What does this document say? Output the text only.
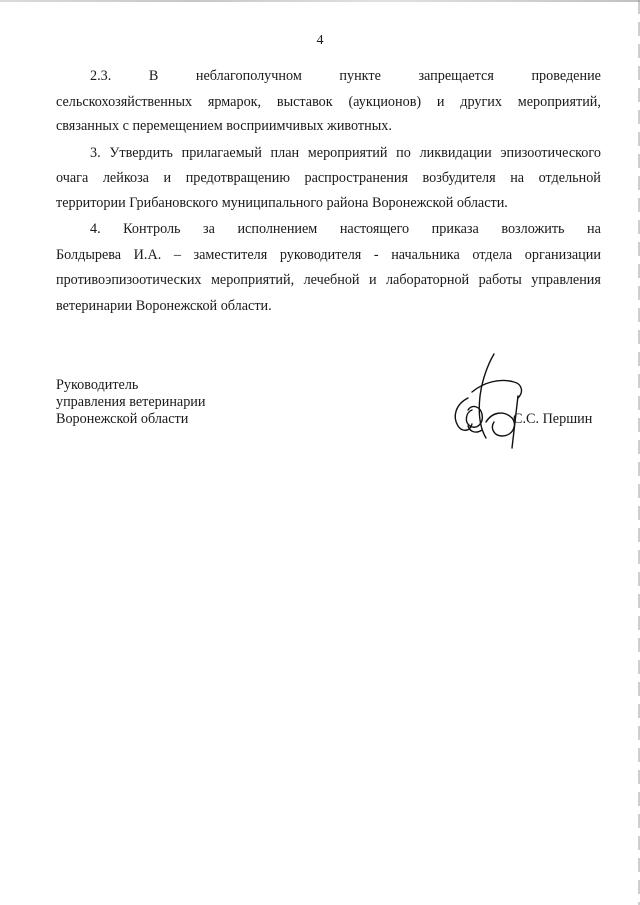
4
2.3.	В	неблагополучном	пункте	запрещается	проведение
сельскохозяйственных ярмарок, выставок (аукционов) и других мероприятий,
связанных с перемещением восприимчивых животных.
3. Утвердить прилагаемый план мероприятий по ликвидации эпизоотического
очага лейкоза и предотвращению распространения возбудителя на отдельной
территории Грибановского муниципального района Воронежской области.
4. Контроль за исполнением настоящего приказа возложить на
Болдырева И.А. – заместителя руководителя - начальника отдела организации
противоэпизоотических мероприятий, лечебной и лабораторной работы управления
ветеринарии Воронежской области.
Руководитель
управления ветеринарии
Воронежской области	С.С. Першин
